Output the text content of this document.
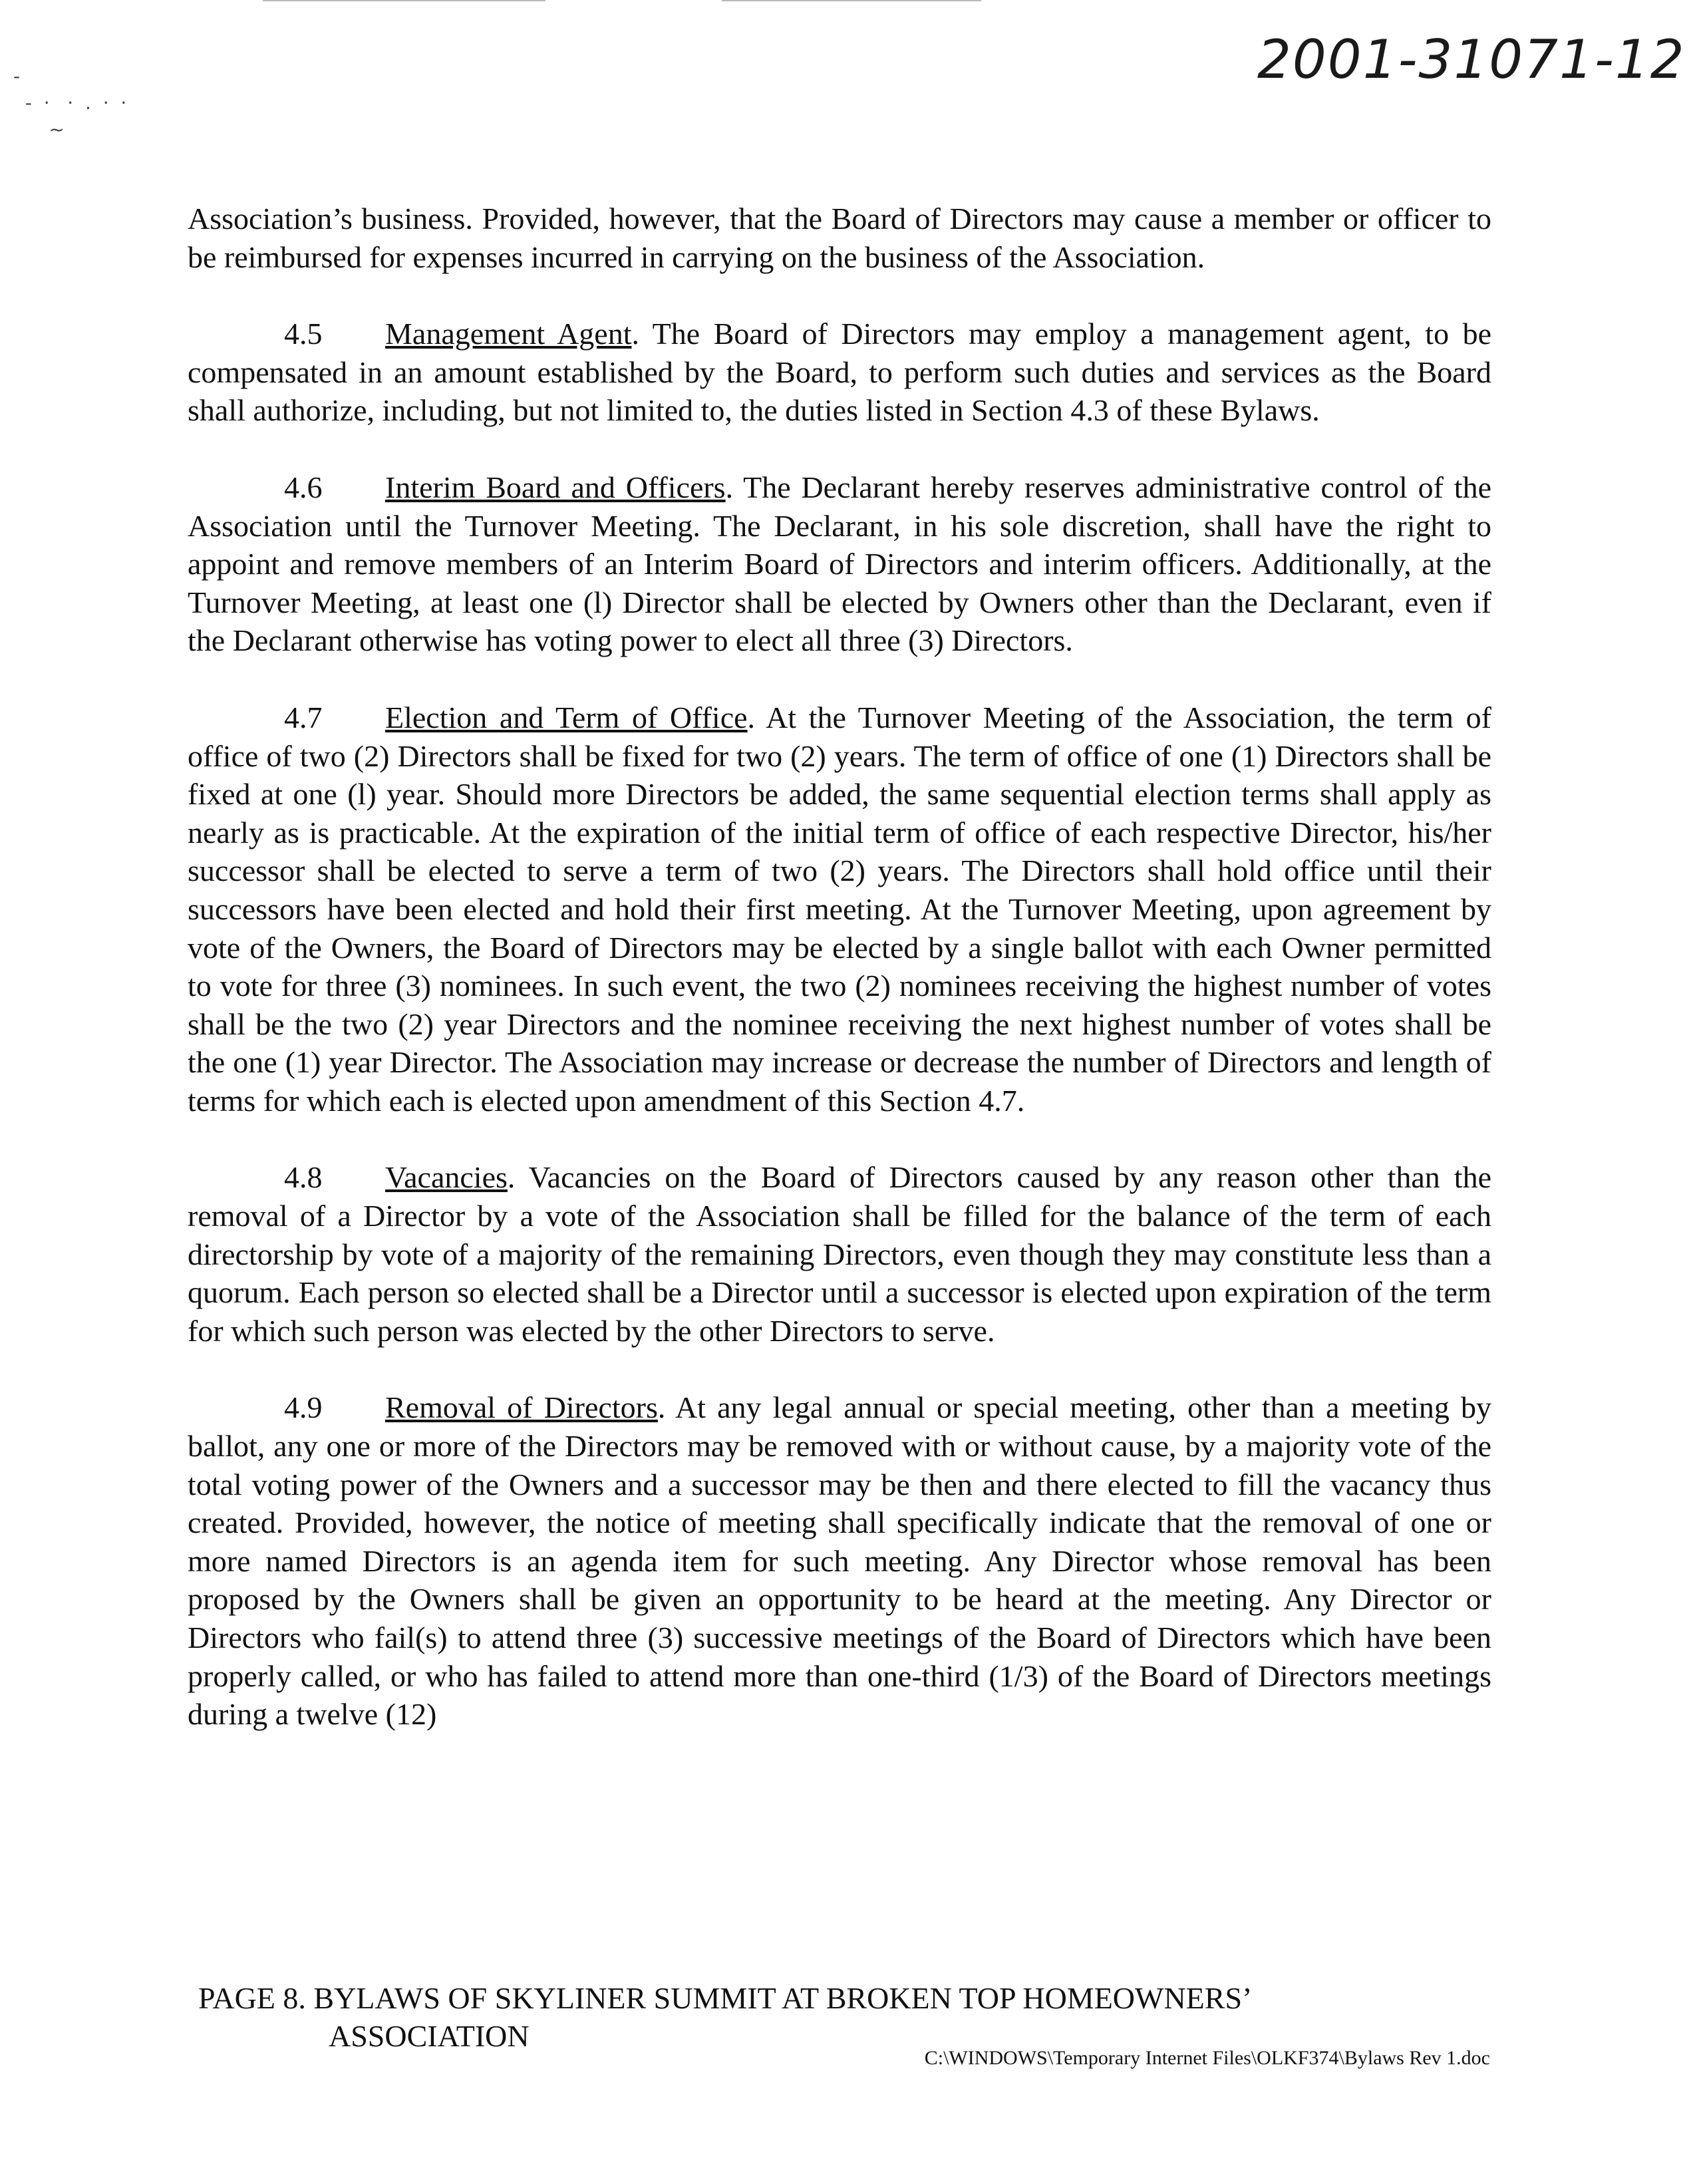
-
-  ·   ·  .  ·  ·
~

2001-31071-12

Association’s business. Provided, however, that the Board of Directors may cause a member or officer to be reimbursed for expenses incurred in carrying on the business of the Association.

4.5 Management Agent. The Board of Directors may employ a management agent, to be compensated in an amount established by the Board, to perform such duties and services as the Board shall authorize, including, but not limited to, the duties listed in Section 4.3 of these Bylaws.

4.6 Interim Board and Officers. The Declarant hereby reserves administrative control of the Association until the Turnover Meeting. The Declarant, in his sole discretion, shall have the right to appoint and remove members of an Interim Board of Directors and interim officers. Additionally, at the Turnover Meeting, at least one (l) Director shall be elected by Owners other than the Declarant, even if the Declarant otherwise has voting power to elect all three (3) Directors.

4.7 Election and Term of Office. At the Turnover Meeting of the Association, the term of office of two (2) Directors shall be fixed for two (2) years. The term of office of one (1) Directors shall be fixed at one (l) year. Should more Directors be added, the same sequential election terms shall apply as nearly as is practicable. At the expiration of the initial term of office of each respective Director, his/her successor shall be elected to serve a term of two (2) years. The Directors shall hold office until their successors have been elected and hold their first meeting. At the Turnover Meeting, upon agreement by vote of the Owners, the Board of Directors may be elected by a single ballot with each Owner permitted to vote for three (3) nominees. In such event, the two (2) nominees receiving the highest number of votes shall be the two (2) year Directors and the nominee receiving the next highest number of votes shall be the one (1) year Director. The Association may increase or decrease the number of Directors and length of terms for which each is elected upon amendment of this Section 4.7.

4.8 Vacancies. Vacancies on the Board of Directors caused by any reason other than the removal of a Director by a vote of the Association shall be filled for the balance of the term of each directorship by vote of a majority of the remaining Directors, even though they may constitute less than a quorum. Each person so elected shall be a Director until a successor is elected upon expiration of the term for which such person was elected by the other Directors to serve.

4.9 Removal of Directors. At any legal annual or special meeting, other than a meeting by ballot, any one or more of the Directors may be removed with or without cause, by a majority vote of the total voting power of the Owners and a successor may be then and there elected to fill the vacancy thus created. Provided, however, the notice of meeting shall specifically indicate that the removal of one or more named Directors is an agenda item for such meeting. Any Director whose removal has been proposed by the Owners shall be given an opportunity to be heard at the meeting. Any Director or Directors who fail(s) to attend three (3) successive meetings of the Board of Directors which have been properly called, or who has failed to attend more than one-third (1/3) of the Board of Directors meetings during a twelve (12)

PAGE 8. BYLAWS OF SKYLINER SUMMIT AT BROKEN TOP HOMEOWNERS’
ASSOCIATION
C:\WINDOWS\Temporary Internet Files\OLKF374\Bylaws Rev 1.doc
